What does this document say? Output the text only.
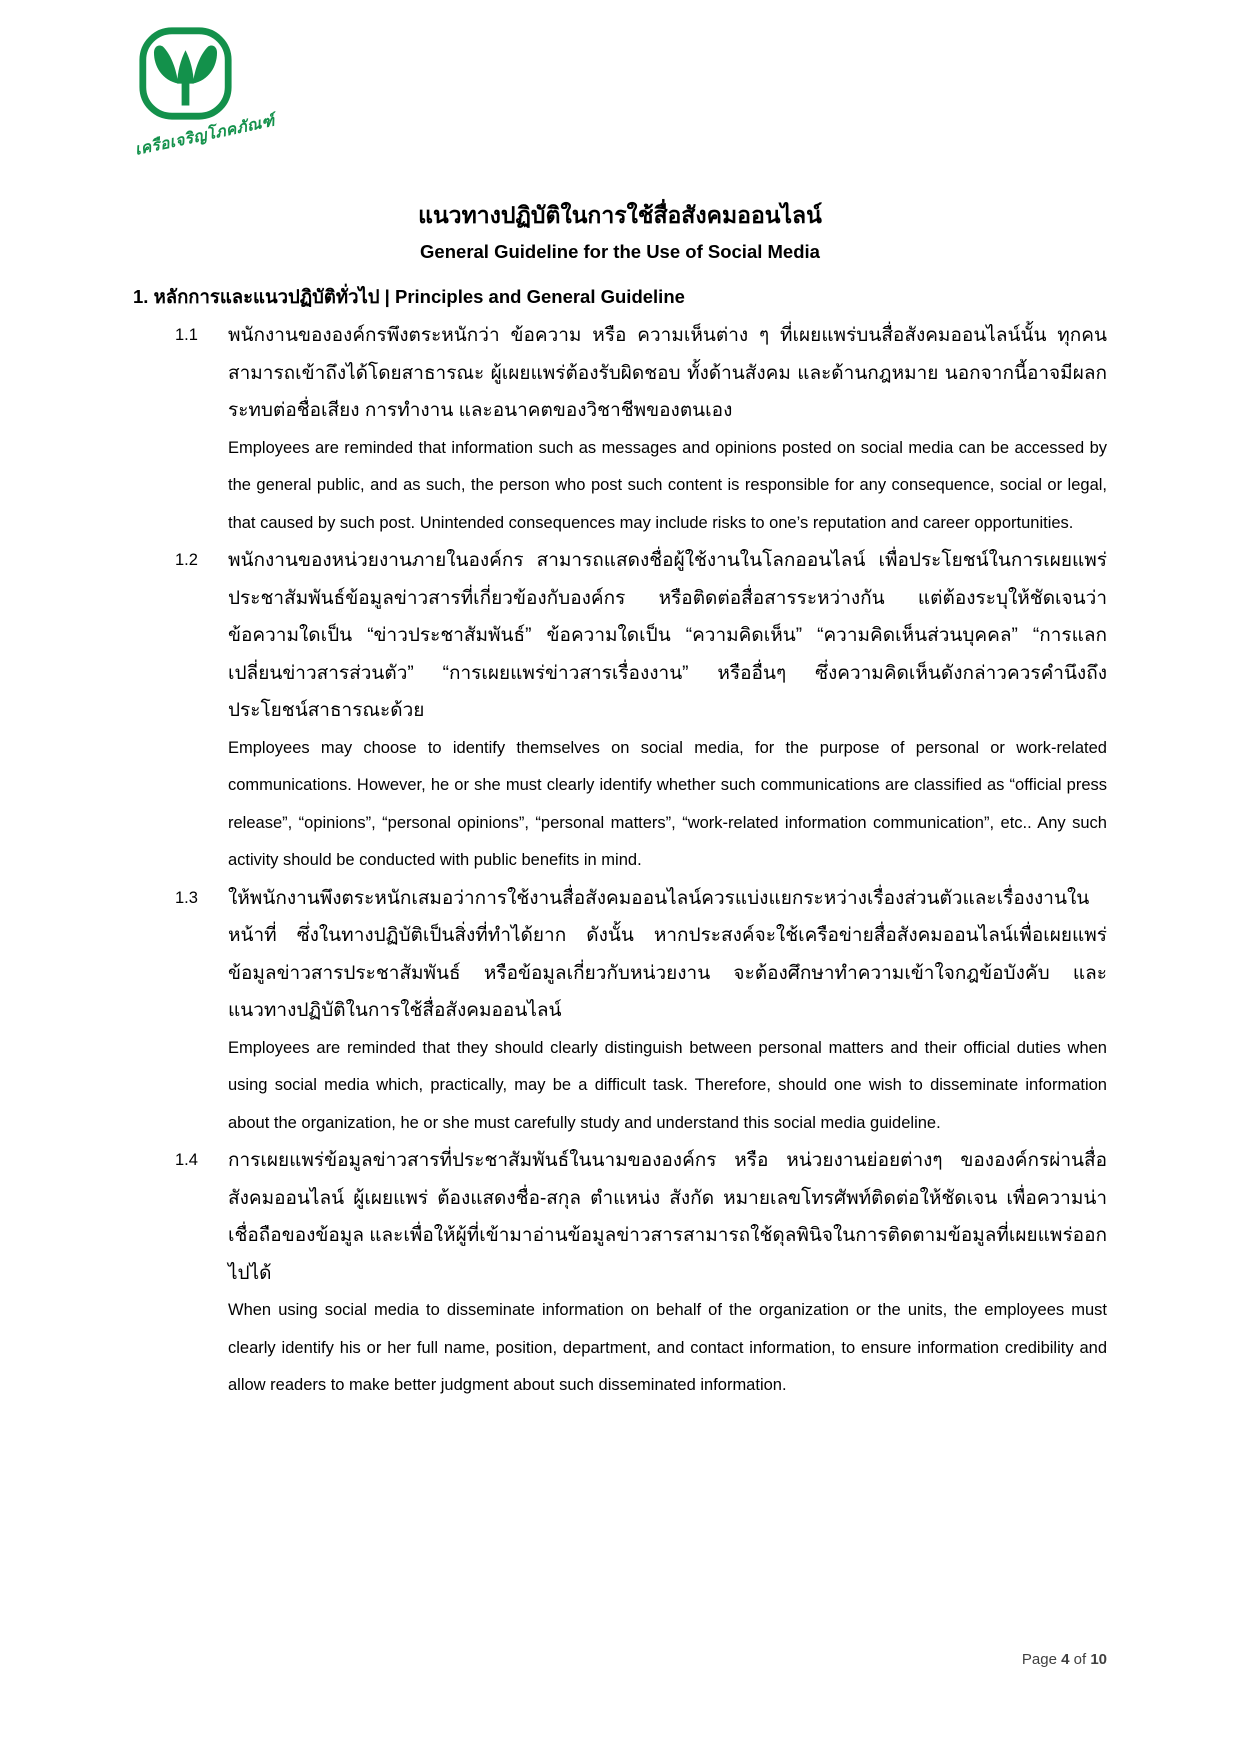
เครือเจริญโภคภัณฑ์
แนวทางปฏิบัติในการใช้สื่อสังคมออนไลน์
General Guideline for the Use of Social Media
1. หลักการและแนวปฏิบัติทั่วไป | Principles and General Guideline
1.1	พนักงานขององค์กรพึงตระหนักว่า ข้อความ หรือ ความเห็นต่าง ๆ ที่เผยแพร่บนสื่อสังคมออนไลน์นั้น ทุกคนสามารถเข้าถึงได้โดยสาธารณะ ผู้เผยแพร่ต้องรับผิดชอบ ทั้งด้านสังคม และด้านกฎหมาย นอกจากนี้อาจมีผลกระทบต่อชื่อเสียง การทำงาน และอนาคตของวิชาชีพของตนเอง
Employees are reminded that information such as messages and opinions posted on social media can be accessed by the general public, and as such, the person who post such content is responsible for any consequence, social or legal, that caused by such post. Unintended consequences may include risks to one’s reputation and career opportunities.
1.2	พนักงานของหน่วยงานภายในองค์กร สามารถแสดงชื่อผู้ใช้งานในโลกออนไลน์ เพื่อประโยชน์ในการเผยแพร่ ประชาสัมพันธ์ข้อมูลข่าวสารที่เกี่ยวข้องกับองค์กร หรือติดต่อสื่อสารระหว่างกัน แต่ต้องระบุให้ชัดเจนว่า ข้อความใดเป็น “ข่าวประชาสัมพันธ์” ข้อความใดเป็น “ความคิดเห็น” “ความคิดเห็นส่วนบุคคล” “การแลกเปลี่ยนข่าวสารส่วนตัว” “การเผยแพร่ข่าวสารเรื่องงาน” หรืออื่นๆ ซึ่งความคิดเห็นดังกล่าวควรคำนึงถึงประโยชน์สาธารณะด้วย
Employees may choose to identify themselves on social media, for the purpose of personal or work-related communications. However, he or she must clearly identify whether such communications are classified as “official press release”, “opinions”, “personal opinions”, “personal matters”, “work-related information communication”, etc.. Any such activity should be conducted with public benefits in mind.
1.3	ให้พนักงานพึงตระหนักเสมอว่าการใช้งานสื่อสังคมออนไลน์ควรแบ่งแยกระหว่างเรื่องส่วนตัวและเรื่องงานในหน้าที่ ซึ่งในทางปฏิบัติเป็นสิ่งที่ทำได้ยาก ดังนั้น หากประสงค์จะใช้เครือข่ายสื่อสังคมออนไลน์เพื่อเผยแพร่ข้อมูลข่าวสารประชาสัมพันธ์ หรือข้อมูลเกี่ยวกับหน่วยงาน จะต้องศึกษาทำความเข้าใจกฎข้อบังคับ และแนวทางปฏิบัติในการใช้สื่อสังคมออนไลน์
Employees are reminded that they should clearly distinguish between personal matters and their official duties when using social media which, practically, may be a difficult task. Therefore, should one wish to disseminate information about the organization, he or she must carefully study and understand this social media guideline.
1.4	การเผยแพร่ข้อมูลข่าวสารที่ประชาสัมพันธ์ในนามขององค์กร หรือ หน่วยงานย่อยต่างๆ ขององค์กรผ่านสื่อสังคมออนไลน์ ผู้เผยแพร่ ต้องแสดงชื่อ-สกุล ตำแหน่ง สังกัด หมายเลขโทรศัพท์ติดต่อให้ชัดเจน เพื่อความน่าเชื่อถือของข้อมูล และเพื่อให้ผู้ที่เข้ามาอ่านข้อมูลข่าวสารสามารถใช้ดุลพินิจในการติดตามข้อมูลที่เผยแพร่ออกไปได้
When using social media to disseminate information on behalf of the organization or the units, the employees must clearly identify his or her full name, position, department, and contact information, to ensure information credibility and allow readers to make better judgment about such disseminated information.
Page 4 of 10
